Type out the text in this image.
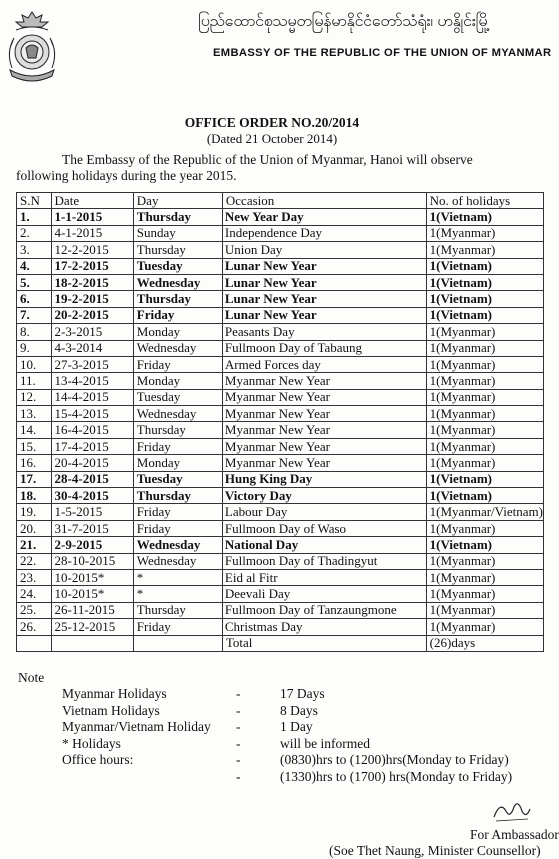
ပြည်ထောင်စုသမ္မတမြန်မာနိုင်ငံတော်သံရုံး၊ ဟနွိုင်းမြို့
EMBASSY OF THE REPUBLIC OF THE UNION OF MYANMAR
OFFICE ORDER NO.20/2014
(Dated 21 October 2014)
The Embassy of the Republic of the Union of Myanmar, Hanoi will observe
following holidays during the year 2015.
S.N	Date	Day	Occasion	No. of holidays
1.	1-1-2015	Thursday	New Year Day	1(Vietnam)
2.	4-1-2015	Sunday	Independence Day	1(Myanmar)
3.	12-2-2015	Thursday	Union Day	1(Myanmar)
4.	17-2-2015	Tuesday	Lunar New Year	1(Vietnam)
5.	18-2-2015	Wednesday	Lunar New Year	1(Vietnam)
6.	19-2-2015	Thursday	Lunar New Year	1(Vietnam)
7.	20-2-2015	Friday	Lunar New Year	1(Vietnam)
8.	2-3-2015	Monday	Peasants Day	1(Myanmar)
9.	4-3-2014	Wednesday	Fullmoon Day of Tabaung	1(Myanmar)
10.	27-3-2015	Friday	Armed Forces day	1(Myanmar)
11.	13-4-2015	Monday	Myanmar New Year	1(Myanmar)
12.	14-4-2015	Tuesday	Myanmar New Year	1(Myanmar)
13.	15-4-2015	Wednesday	Myanmar New Year	1(Myanmar)
14.	16-4-2015	Thursday	Myanmar New Year	1(Myanmar)
15.	17-4-2015	Friday	Myanmar New Year	1(Myanmar)
16.	20-4-2015	Monday	Myanmar New Year	1(Myanmar)
17.	28-4-2015	Tuesday	Hung King Day	1(Vietnam)
18.	30-4-2015	Thursday	Victory Day	1(Vietnam)
19.	1-5-2015	Friday	Labour Day	1(Myanmar/Vietnam)
20.	31-7-2015	Friday	Fullmoon Day of Waso	1(Myanmar)
21.	2-9-2015	Wednesday	National Day	1(Vietnam)
22.	28-10-2015	Wednesday	Fullmoon Day of Thadingyut	1(Myanmar)
23.	10-2015*	*	Eid al Fitr	1(Myanmar)
24.	10-2015*	*	Deevali Day	1(Myanmar)
25.	26-11-2015	Thursday	Fullmoon Day of Tanzaungmone	1(Myanmar)
26.	25-12-2015	Friday	Christmas Day	1(Myanmar)
			Total	(26)days
Note
Myanmar Holidays	-	17 Days
Vietnam Holidays	-	8 Days
Myanmar/Vietnam Holiday -	1 Day
* Holidays	-	will be informed
Office hours:	-	(0830)hrs to (1200)hrs(Monday to Friday)
-	(1330)hrs to (1700) hrs(Monday to Friday)
For Ambassador
(Soe Thet Naung, Minister Counsellor)
